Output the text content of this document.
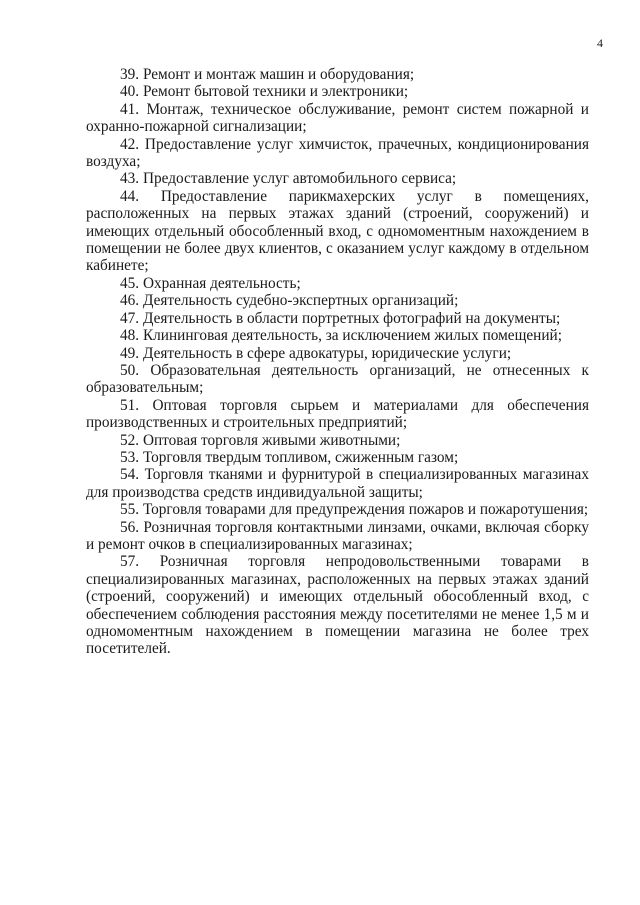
4

39. Ремонт и монтаж машин и оборудования;

40. Ремонт бытовой техники и электроники;

41. Монтаж, техническое обслуживание, ремонт систем пожарной и охранно-пожарной сигнализации;

42. Предоставление услуг химчисток, прачечных, кондиционирования воздуха;

43. Предоставление услуг автомобильного сервиса;

44. Предоставление парикмахерских услуг в помещениях, расположенных на первых этажах зданий (строений, сооружений) и имеющих отдельный обособленный вход, с одномоментным нахождением в помещении не более двух клиентов, с оказанием услуг каждому в отдельном кабинете;

45. Охранная деятельность;

46. Деятельность судебно-экспертных организаций;

47. Деятельность в области портретных фотографий на документы;

48. Клининговая деятельность, за исключением жилых помещений;

49. Деятельность в сфере адвокатуры, юридические услуги;

50. Образовательная деятельность организаций, не отнесенных к образовательным;

51. Оптовая торговля сырьем и материалами для обеспечения производственных и строительных предприятий;

52. Оптовая торговля живыми животными;

53. Торговля твердым топливом, сжиженным газом;

54. Торговля тканями и фурнитурой в специализированных магазинах для производства средств индивидуальной защиты;

55. Торговля товарами для предупреждения пожаров и пожаротушения;

56. Розничная торговля контактными линзами, очками, включая сборку и ремонт очков в специализированных магазинах;

57. Розничная торговля непродовольственными товарами в специализированных магазинах, расположенных на первых этажах зданий (строений, сооружений) и имеющих отдельный обособленный вход, с обеспечением соблюдения расстояния между посетителями не менее 1,5 м и одномоментным нахождением в помещении магазина не более трех посетителей.
